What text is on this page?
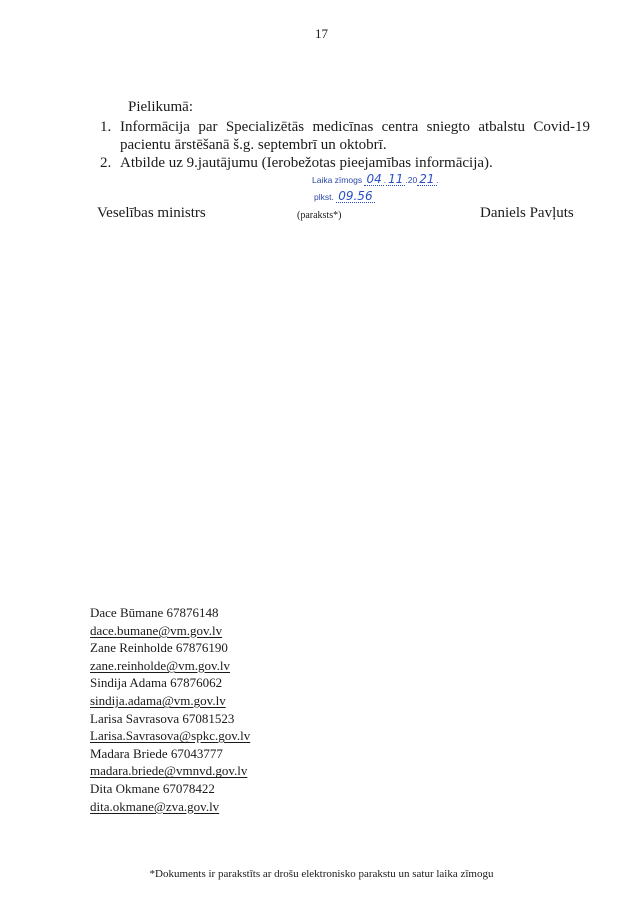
17
Pielikumā:
1. Informācija par Specializētās medicīnas centra sniegto atbalstu Covid-19 pacientu ārstēšanā š.g. septembrī un oktobrī.
2. Atbilde uz 9.jautājumu (Ierobežotas pieejamības informācija).
Laika zīmogs 04 . 11 .20 21 .
plkst. 09.56
Veselības ministrs	(paraksts*)	Daniels Pavļuts
Dace Būmane 67876148
dace.bumane@vm.gov.lv
Zane Reinholde 67876190
zane.reinholde@vm.gov.lv
Sindija Adama 67876062
sindija.adama@vm.gov.lv
Larisa Savrasova 67081523
Larisa.Savrasova@spkc.gov.lv
Madara Briede 67043777
madara.briede@vmnvd.gov.lv
Dita Okmane 67078422
dita.okmane@zva.gov.lv
*Dokuments ir parakstīts ar drošu elektronisko parakstu un satur laika zīmogu
